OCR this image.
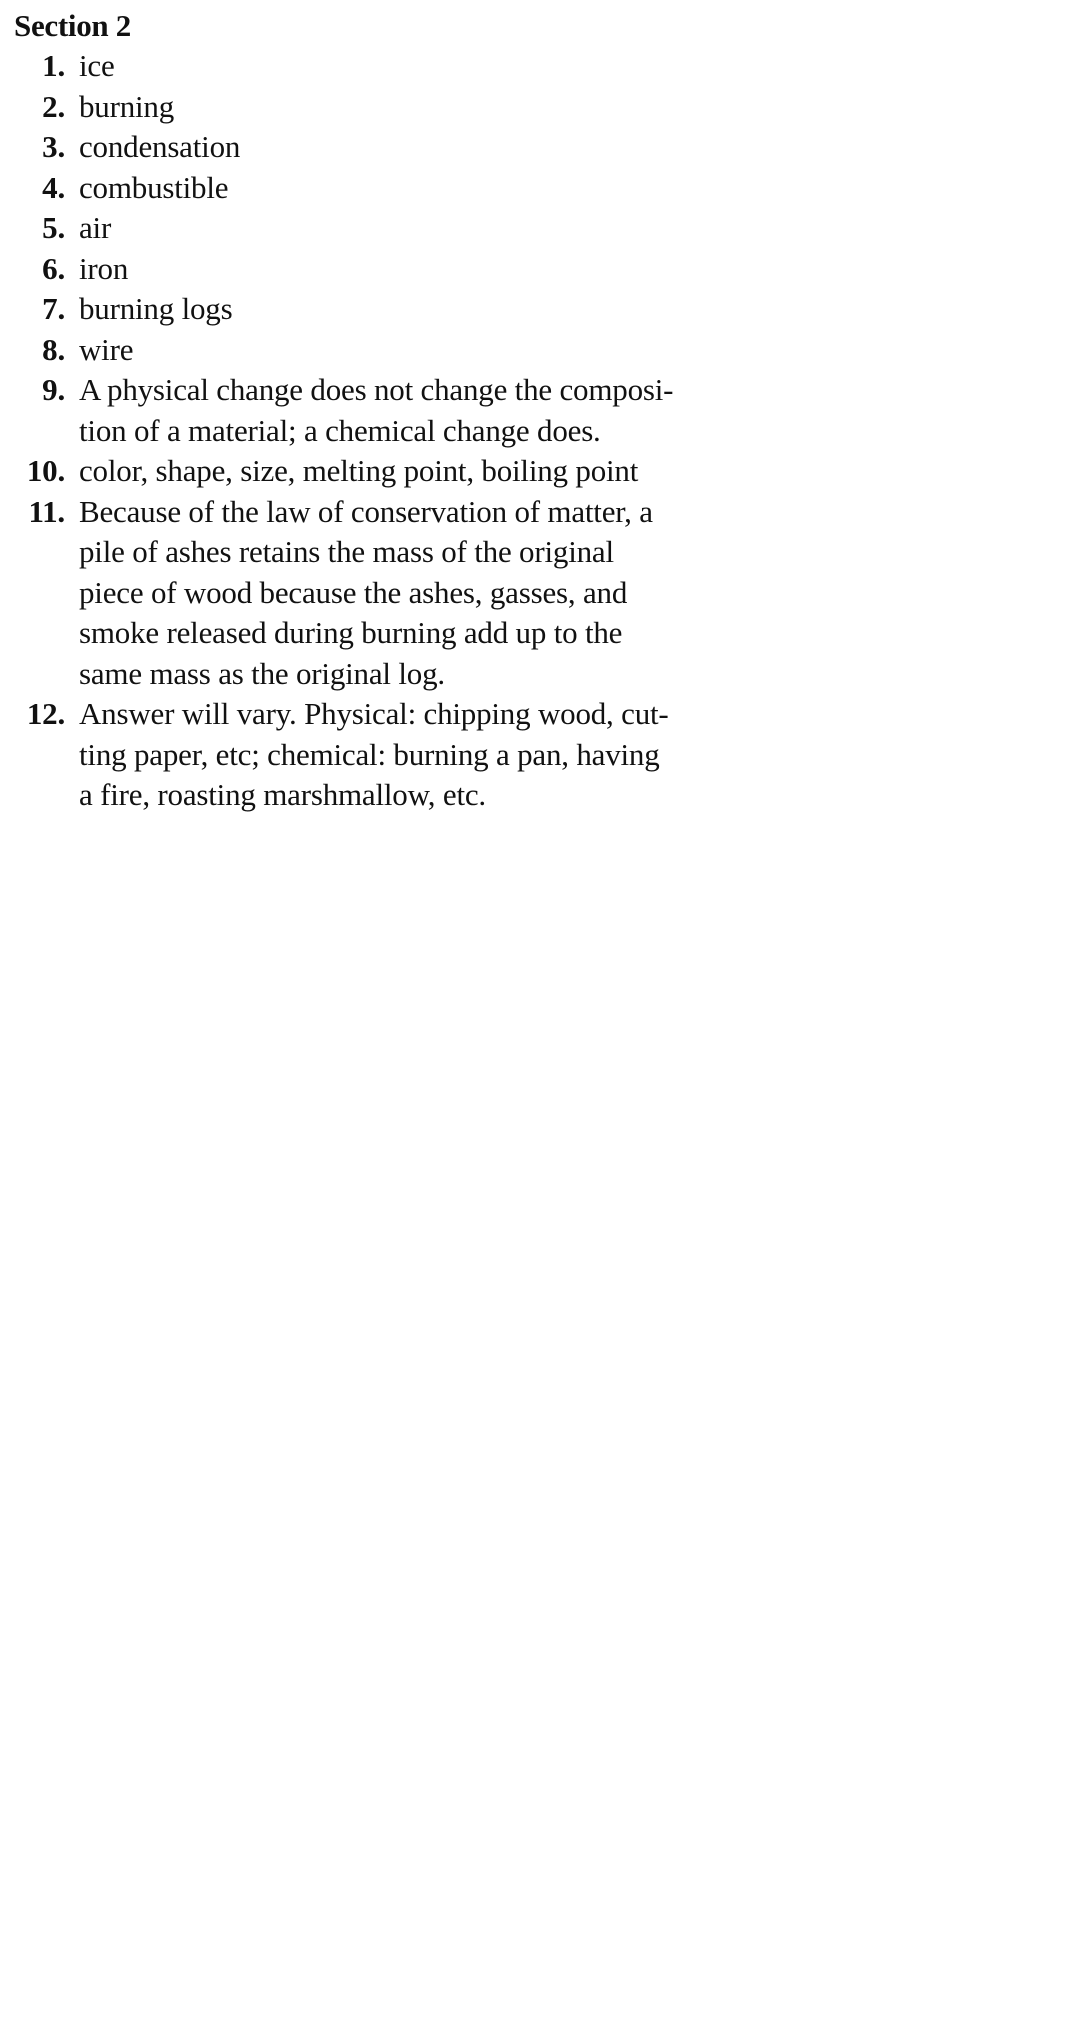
Section 2
1. ice
2. burning
3. condensation
4. combustible
5. air
6. iron
7. burning logs
8. wire
9. A physical change does not change the composi-
tion of a material; a chemical change does.
10. color, shape, size, melting point, boiling point
11. Because of the law of conservation of matter, a
pile of ashes retains the mass of the original
piece of wood because the ashes, gasses, and
smoke released during burning add up to the
same mass as the original log.
12. Answer will vary. Physical: chipping wood, cut-
ting paper, etc; chemical: burning a pan, having
a fire, roasting marshmallow, etc.
